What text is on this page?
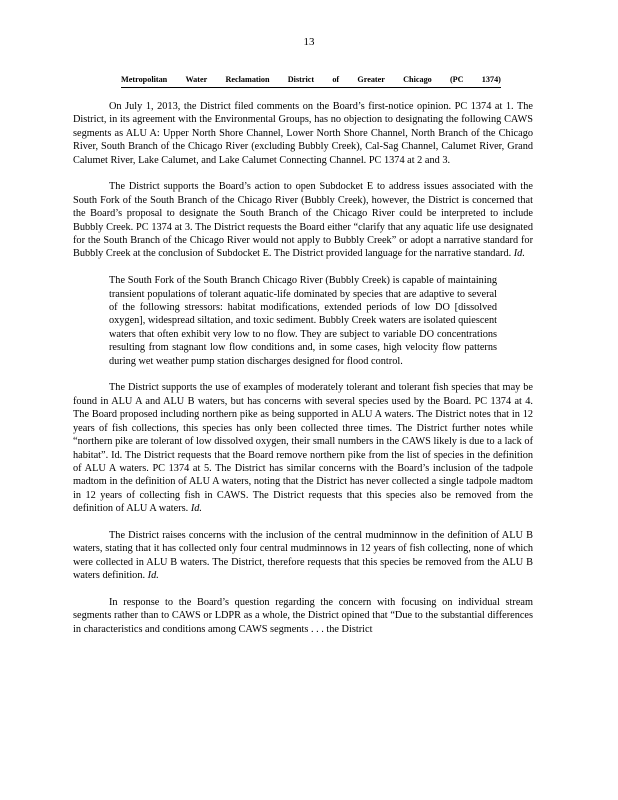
13
Metropolitan Water Reclamation District of Greater Chicago (PC 1374)

On July 1, 2013, the District filed comments on the Board’s first-notice opinion. PC 1374 at 1. The District, in its agreement with the Environmental Groups, has no objection to designating the following CAWS segments as ALU A: Upper North Shore Channel, Lower North Shore Channel, North Branch of the Chicago River, South Branch of the Chicago River (excluding Bubbly Creek), Cal-Sag Channel, Calumet River, Grand Calumet River, Lake Calumet, and Lake Calumet Connecting Channel. PC 1374 at 2 and 3.

The District supports the Board’s action to open Subdocket E to address issues associated with the South Fork of the South Branch of the Chicago River (Bubbly Creek), however, the District is concerned that the Board’s proposal to designate the South Branch of the Chicago River could be interpreted to include Bubbly Creek. PC 1374 at 3. The District requests the Board either “clarify that any aquatic life use designated for the South Branch of the Chicago River would not apply to Bubbly Creek” or adopt a narrative standard for Bubbly Creek at the conclusion of Subdocket E. The District provided language for the narrative standard. Id.

The South Fork of the South Branch Chicago River (Bubbly Creek) is capable of maintaining transient populations of tolerant aquatic-life dominated by species that are adaptive to several of the following stressors: habitat modifications, extended periods of low DO [dissolved oxygen], widespread siltation, and toxic sediment. Bubbly Creek waters are isolated quiescent waters that often exhibit very low to no flow. They are subject to variable DO concentrations resulting from stagnant low flow conditions and, in some cases, high velocity flow patterns during wet weather pump station discharges designed for flood control.

The District supports the use of examples of moderately tolerant and tolerant fish species that may be found in ALU A and ALU B waters, but has concerns with several species used by the Board. PC 1374 at 4. The Board proposed including northern pike as being supported in ALU A waters. The District notes that in 12 years of fish collections, this species has only been collected three times. The District further notes while “northern pike are tolerant of low dissolved oxygen, their small numbers in the CAWS likely is due to a lack of habitat”. Id. The District requests that the Board remove northern pike from the list of species in the definition of ALU A waters. PC 1374 at 5. The District has similar concerns with the Board’s inclusion of the tadpole madtom in the definition of ALU A waters, noting that the District has never collected a single tadpole madtom in 12 years of collecting fish in CAWS. The District requests that this species also be removed from the definition of ALU A waters. Id.

The District raises concerns with the inclusion of the central mudminnow in the definition of ALU B waters, stating that it has collected only four central mudminnows in 12 years of fish collecting, none of which were collected in ALU B waters. The District, therefore requests that this species be removed from the ALU B waters definition. Id.

In response to the Board’s question regarding the concern with focusing on individual stream segments rather than to CAWS or LDPR as a whole, the District opined that “Due to the substantial differences in characteristics and conditions among CAWS segments . . . the District
